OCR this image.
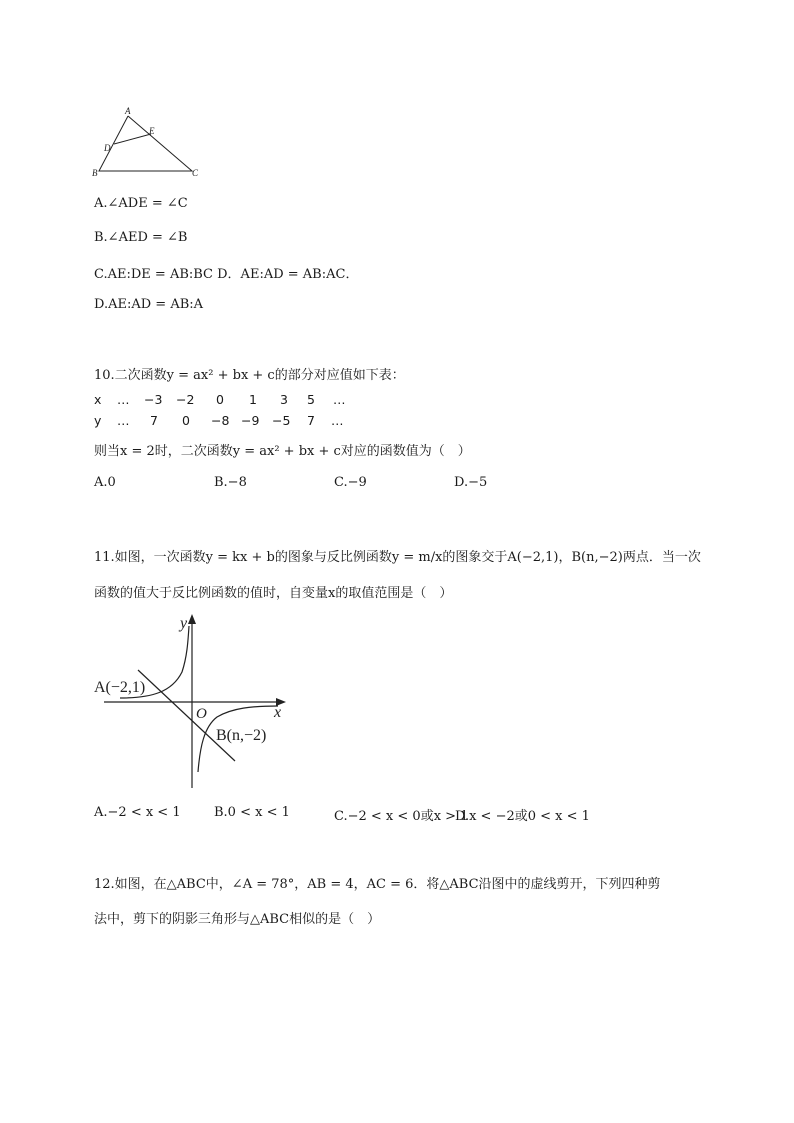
A
E
D
B	C
A.∠ADE = ∠C
B.∠AED = ∠B
C.AE:DE = AB:BC D．AE:AD = AB:AC．
D.AE:AD = AB:A
10.二次函数y = ax² + bx + c的部分对应值如下表：
x … −3 −2 0 1 3 5 …
y … 7 0 −8 −9 −5 7 …
则当x = 2时，二次函数y = ax² + bx + c对应的函数值为（　）
A.0	B.−8	C.−9	D.−5
11.如图，一次函数y = kx + b的图象与反比例函数y = m/x的图象交于A(−2,1)，B(n,−2)两点．当一次
函数的值大于反比例函数的值时，自变量x的取值范围是（　）
y
x
O
A(−2,1)
B(n,−2)
A.−2 < x < 1	B.0 < x < 1	C.−2 < x < 0或x > 1
D.x < −2或0 < x < 1
12.如图，在△ABC中，∠A = 78°，AB = 4，AC = 6．将△ABC沿图中的虚线剪开，下列四种剪
法中，剪下的阴影三角形与△ABC相似的是（　）
